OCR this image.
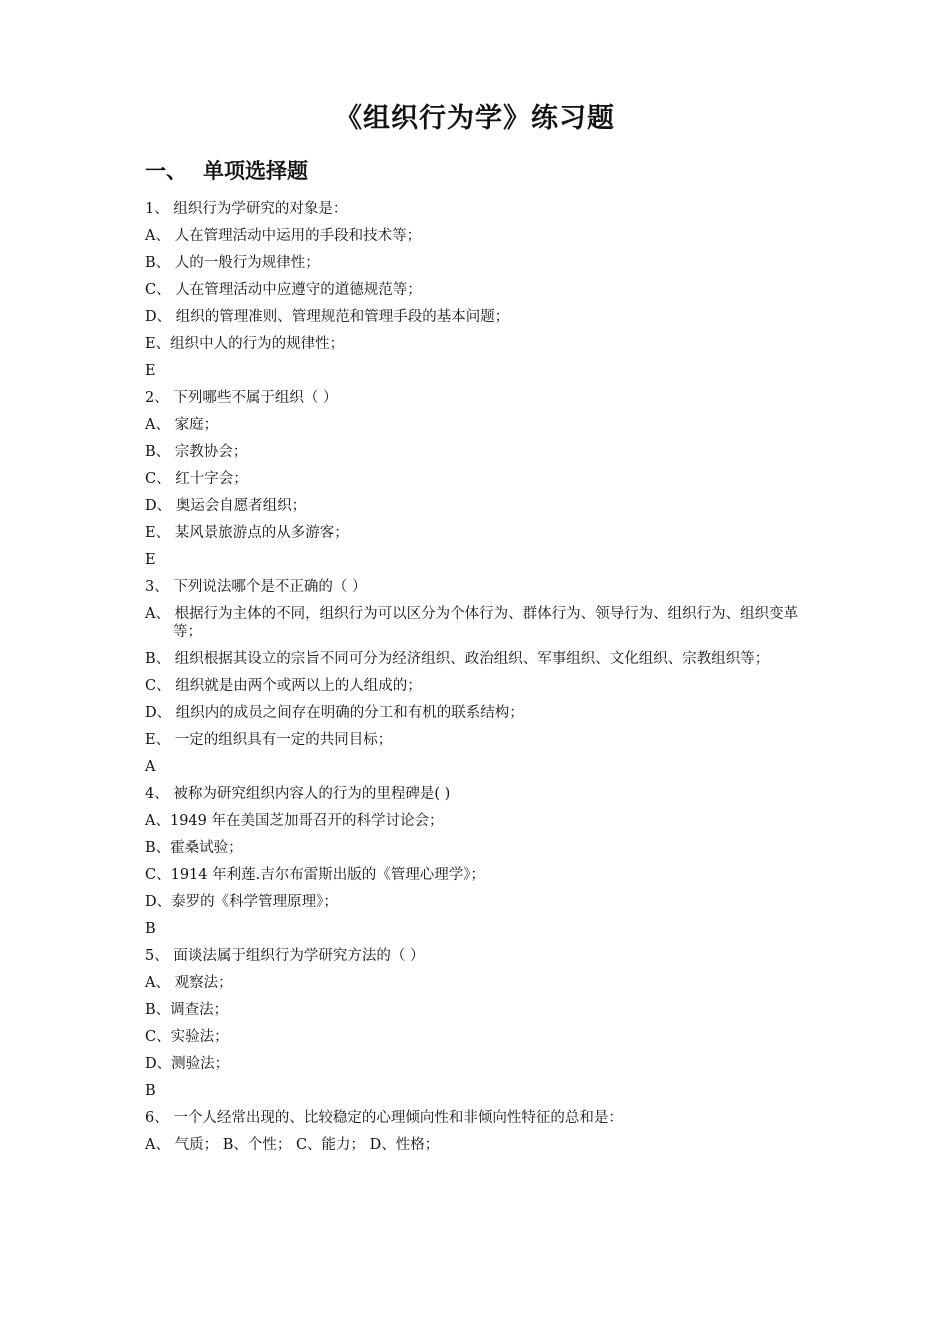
《组织行为学》练习题
一、 单项选择题
1、 组织行为学研究的对象是：
A、 人在管理活动中运用的手段和技术等；
B、 人的一般行为规律性；
C、 人在管理活动中应遵守的道德规范等；
D、 组织的管理准则、管理规范和管理手段的基本问题；
E、组织中人的行为的规律性；
E
2、 下列哪些不属于组织（ ）
A、 家庭；
B、 宗教协会；
C、 红十字会；
D、 奥运会自愿者组织；
E、 某风景旅游点的从多游客；
E
3、 下列说法哪个是不正确的（ ）
A、 根据行为主体的不同，组织行为可以区分为个体行为、群体行为、领导行为、组织行为、组织变革等；
B、 组织根据其设立的宗旨不同可分为经济组织、政治组织、军事组织、文化组织、宗教组织等；
C、 组织就是由两个或两以上的人组成的；
D、 组织内的成员之间存在明确的分工和有机的联系结构；
E、 一定的组织具有一定的共同目标；
A
4、 被称为研究组织内容人的行为的里程碑是( )
A、1949 年在美国芝加哥召开的科学讨论会；
B、霍桑试验；
C、1914 年利莲.吉尔布雷斯出版的《管理心理学》；
D、泰罗的《科学管理原理》；
B
5、 面谈法属于组织行为学研究方法的（ ）
A、 观察法；
B、调查法；
C、实验法；
D、测验法；
B
6、 一个人经常出现的、比较稳定的心理倾向性和非倾向性特征的总和是：
A、 气质； B、个性； C、能力； D、性格；
